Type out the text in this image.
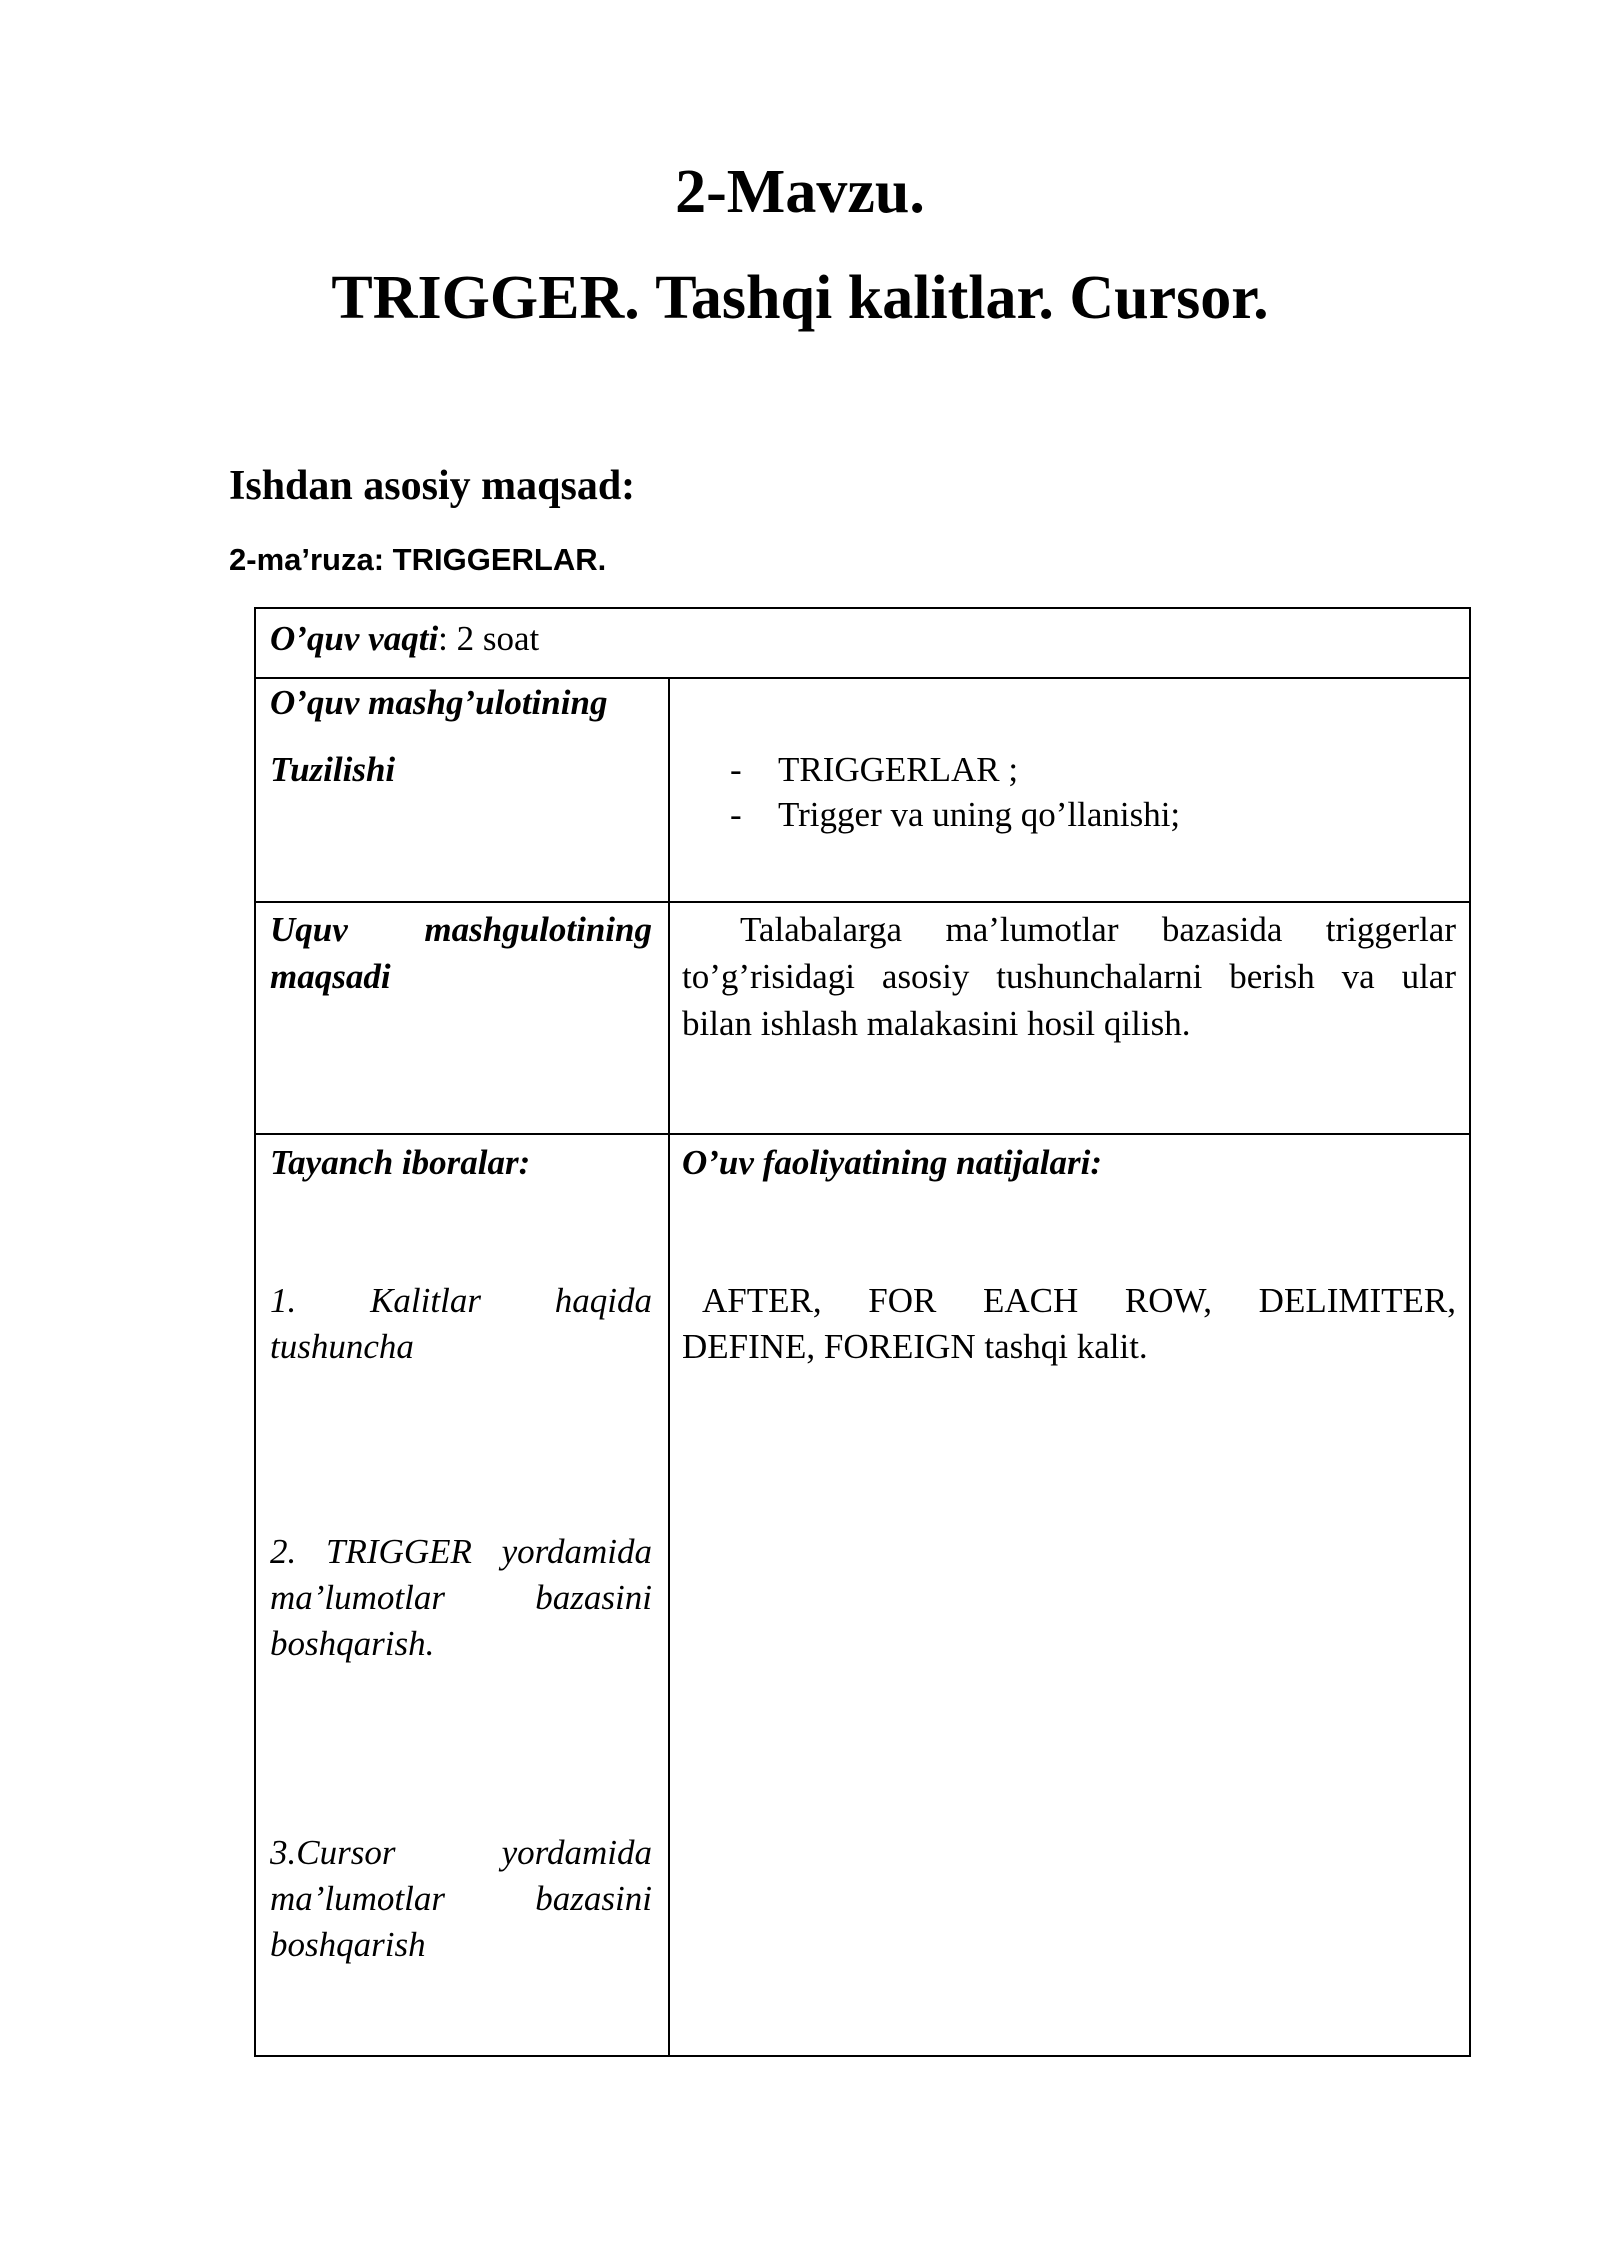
2-Mavzu.
TRIGGER. Tashqi kalitlar. Cursor.
Ishdan asosiy maqsad:
2-ma’ruza: TRIGGERLAR.
O’quv vaqti: 2 soat
O’quv mashg’ulotining
Tuzilishi	- TRIGGERLAR ;
- Trigger va uning qo’llanishi;
Uquv mashgulotining
maqsadi
Talabalarga ma’lumotlar bazasida triggerlar
to’g’risidagi asosiy tushunchalarni berish va ular
bilan ishlash malakasini hosil qilish.
Tayanch iboralar:
1. Kalitlar haqida
tushuncha
2. TRIGGER yordamida
ma’lumotlar bazasini
boshqarish.
3.Cursor yordamida
ma’lumotlar bazasini
boshqarish
O’uv faoliyatining natijalari:
AFTER, FOR EACH ROW, DELIMITER,
DEFINE, FOREIGN tashqi kalit.
